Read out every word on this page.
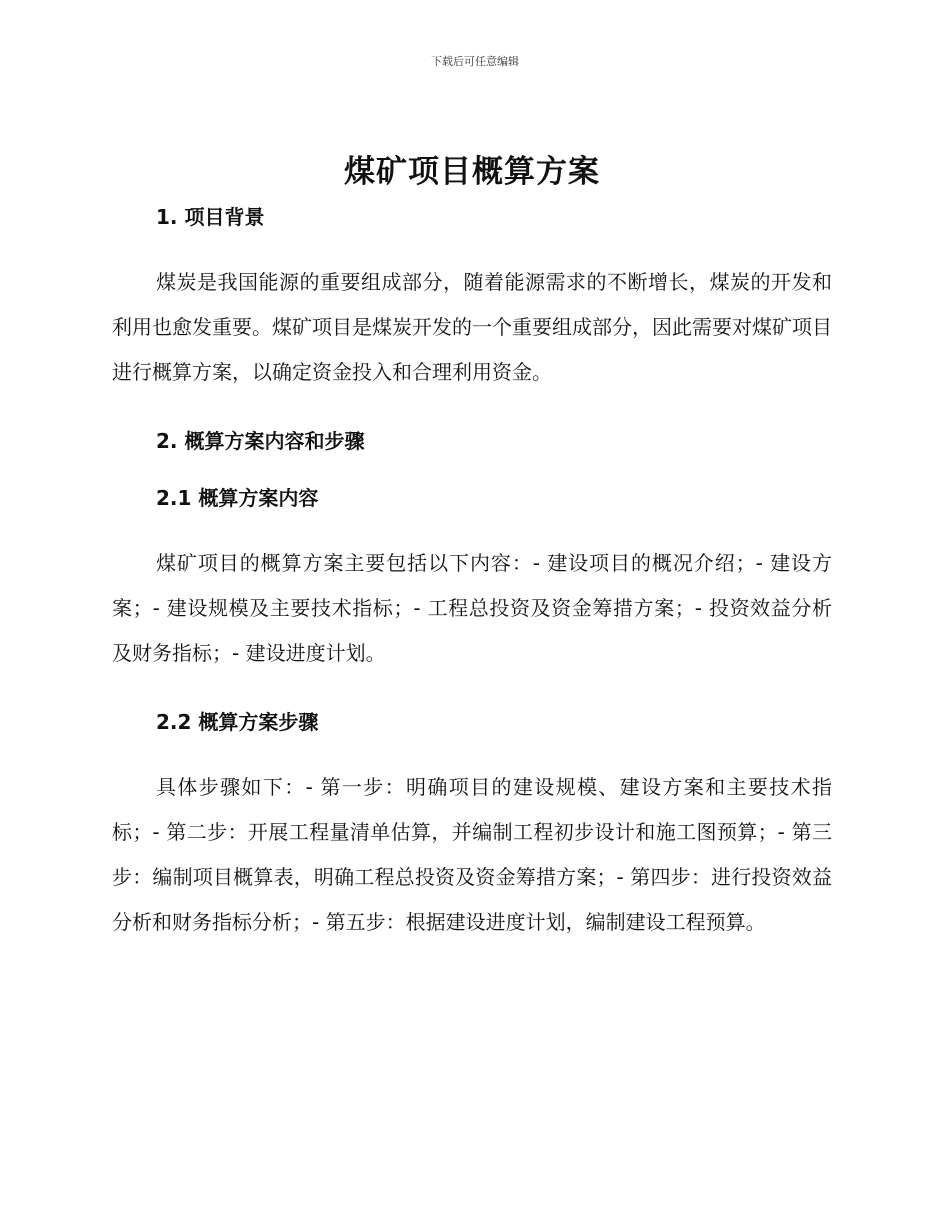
下载后可任意编辑
煤矿项目概算方案
1. 项目背景

煤炭是我国能源的重要组成部分，随着能源需求的不断增长，煤炭的开发和利用也愈发重要。煤矿项目是煤炭开发的一个重要组成部分，因此需要对煤矿项目进行概算方案，以确定资金投入和合理利用资金。

2. 概算方案内容和步骤
2.1 概算方案内容

煤矿项目的概算方案主要包括以下内容：- 建设项目的概况介绍；- 建设方案；- 建设规模及主要技术指标；- 工程总投资及资金筹措方案；- 投资效益分析及财务指标；- 建设进度计划。

2.2 概算方案步骤

具体步骤如下：- 第一步：明确项目的建设规模、建设方案和主要技术指标；- 第二步：开展工程量清单估算，并编制工程初步设计和施工图预算；- 第三步：编制项目概算表，明确工程总投资及资金筹措方案；- 第四步：进行投资效益分析和财务指标分析；- 第五步：根据建设进度计划，编制建设工程预算。
